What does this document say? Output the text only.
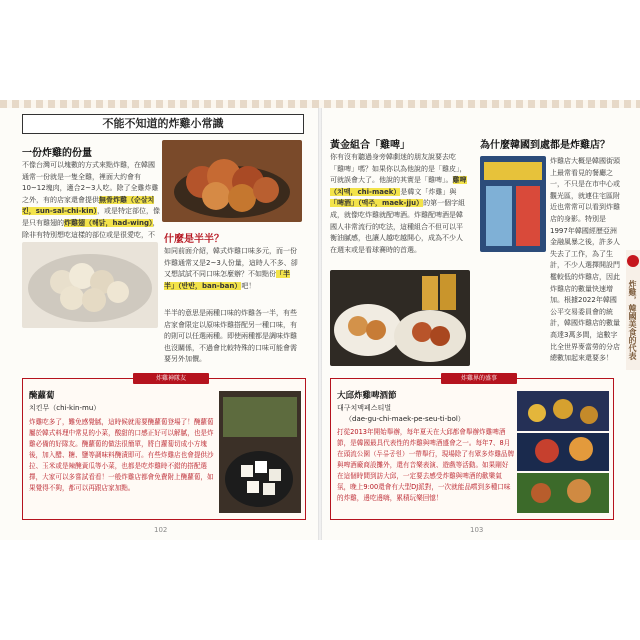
不能不知道的炸雞小常識
一份炸雞的份量
不像台灣可以塊數的方式來點炸雞，在韓國通常一份就是一隻全雞，裡面大約會有10~12塊肉，適合2~3人吃。除了全雞炸雞之外，有的店家還會提供無骨炸雞（순살치킨，sun-sal-chi-kin），或是特定部位，像是只有雞翅的炸雞翅（해닭，had-wing），除非有特別想吃這樣的部位或是很愛吃，不 什麼是半半？
如同前面介紹，韓式炸雞口味多元，而一份炸雞通常又是2~3人份量，這時人不多、卻又想試試不同口味怎麼辦？不如點份「半半」（반반，ban-ban）吧！
半半的意思是兩種口味的炸雞各一半，有些店家會限定以原味炸雞搭配另一種口味，有的則可以任選兩種。即使兩種都是調味炸雞也沒關係，不過會比較特殊的口味可能會需要另外加價。
炸雞神隊友
醃蘿蔔
치킨무（chi-kin-mu）
炸雞吃多了，難免感覺膩，這時候就需要醃蘿蔔登場了！醃蘿蔔屬於韓式料理中常見的小菜，酸甜的口感正好可以解膩，也是炸雞必備的好隊友。醃蘿蔔的做法很簡單，將白蘿蔔切成小方塊後，加入醋、糖、鹽等調味料醃漬即可。有些炸雞店也會提供沙拉、玉米或是辣醃黃瓜等小菜，也都是吃炸雞時不錯的搭配選擇，大家可以多嘗試看看！一般炸雞店都會免費附上醃蘿蔔，如果覺得不夠，都可以再跟店家加點。
102
黃金組合「雞啤」
你有沒有聽過身旁韓劇迷的朋友說要去吃「雞啤」嗎？如果你以為他說的是「雞皮」，可就誤會大了。他說的其實是「雞啤」。雞啤（치맥，chi-maek）是韓文「炸雞」與「啤酒」（맥주，maek-jju）的第一個字組成，就像吃炸雞就配啤酒。炸雞配啤酒是韓國人非常流行的吃法，這種組合不但可以平衡油膩感，也讓人越吃越開心，成為不少人在週末或是看球賽時的首選。
為什麼韓國到處都是炸雞店？
炸雞店大概是韓國街頭上最常看見的餐廳之一，不只是在市中心或觀光區，就連住宅區附近也常常可以看到炸雞店的身影。特別是1997年韓國經歷亞洲金融風暴之後，許多人失去了工作，為了生計，不少人選擇開設門檻較低的炸雞店，因此炸雞店的數量快速增加。根據2022年韓國公平交易委員會的統計，韓國炸雞店的數量高達3萬多間，這數字比全世界麥當勞的分店總數加起來還要多！
炸雞界的盛事
大邱炸雞啤酒節
대구치맥페스티벌
（dae-gu-chi-maek-pe-seu-ti-bol）
打從2013年開始舉辦，每年夏天在大邱都會舉辦炸雞啤酒節，是韓國最具代表性的炸雞與啤酒盛會之一。每年7、8月在頭流公園（두류공원）一帶舉行，現場除了有眾多炸雞品牌與啤酒廠商設攤外，還有音樂表演、遊戲等活動。如果剛好在這個時間到訪大邱，一定要去感受炸雞與啤酒的歡樂氣氛，晚上9:00還會有大型DJ派對，一次就能品嚐到多種口味的炸雞，邊吃邊嗨，累積玩樂回憶！
103
炸雞，韓國美食的代表
